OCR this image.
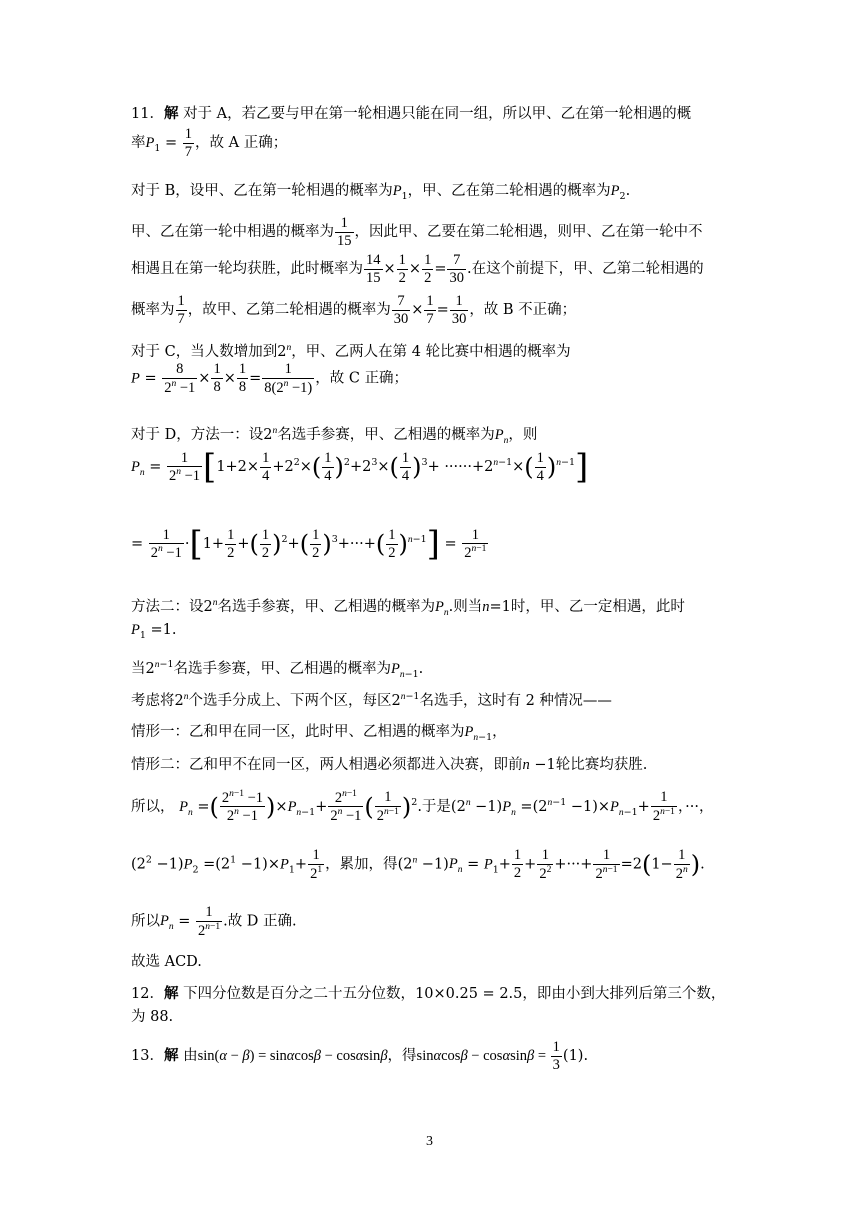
11．解 对于 A，若乙要与甲在第一轮相遇只能在同一组，所以甲、乙在第一轮相遇的概
率$P_1 = \frac{1}{7}$ ，故 A 正确；
对于 B，设甲、乙在第一轮相遇的概率为$P_1$，甲、乙在第二轮相遇的概率为$P_2$.
甲、乙在第一轮中相遇的概率为 $\frac{1}{15}$ ，因此甲、乙要在第二轮相遇，则甲、乙在第一轮中不
相遇且在第一轮均获胜，此时概率为 $\frac{14}{15} \times \frac{1}{2} \times \frac{1}{2} = \frac{7}{30}$ .在这个前提下，甲、乙第二轮相遇的
概率为 $\frac{1}{7}$ ，故甲、乙第二轮相遇的概率为 $\frac{7}{30} \times \frac{1}{7} = \frac{1}{30}$ ，故 B 不正确；
对于 C，当人数增加到2$^n$，甲、乙两人在第 4 轮比赛中相遇的概率为
$P = \frac{8}{2^n -1} \times \frac{1}{8} \times \frac{1}{8} = \frac{1}{8(2^n -1)}$ ，故 C 正确；
对于 D，方法一：设2$^n$名选手参赛，甲、乙相遇的概率为$P_n$，则
$P_n = \frac{1}{2^n -1} [1+2\times \frac{1}{4} +2^2\times( \frac{1}{4} )^2+2^3\times( \frac{1}{4} )^3+ \cdot\cdot\cdot\cdot\cdot\cdot+2^{n-1}\times( \frac{1}{4} )^{n-1}]$
= $\frac{1}{2^n -1} \cdot[1+ \frac{1}{2}$ +( $\frac{1}{2} )^2+( \frac{1}{2} )^3+\cdot\cdot\cdot+( \frac{1}{2} )^{n-1}] = \frac{1}{2^{n-1}}$
方法二：设2$^n$名选手参赛，甲、乙相遇的概率为$P_n$.则当n=1时，甲、乙一定相遇，此时
$P_1 =1$.
当$2^{n-1}$名选手参赛，甲、乙相遇的概率为$P_{n-1}$.
考虑将2$^n$个选手分成上、下两个区，每区$2^{n-1}$名选手，这时有 2 种情况——
情形一：乙和甲在同一区，此时甲、乙相遇的概率为$P_{n-1}$，
情形二：乙和甲不在同一区，两人相遇必须都进入决赛，即前n −1轮比赛均获胜.
所以， $P_n$ =( $\frac{2^{n-1} -1}{2^n -1} )\times P_{n-1}+ \frac{2^{n-1}}{2^n -1}$ ( $\frac{1}{2^{n-1}} )^2$.于是$(2^n -1)P_n =(2^{n-1} -1)\times P_{n-1}+ \frac{1}{2^{n-1}}$ ，···，
$(2^2 -1)P_2 =(2^1 -1)\times P_1+ \frac{1}{2^1}$ ，累加，得$(2^n -1)P_n = P_1+ \frac{1}{2} + \frac{1}{2^2}$ +···+ $\frac{1}{2^{n-1}} =2(1- \frac{1}{2^n}$ ).
所以$P_n = \frac{1}{2^{n-1}}$ .故 D 正确.
故选 ACD.
12．解 下四分位数是百分之二十五分位数，10×0.25 = 2.5，即由小到大排列后第三个数，
为 88.
13．解 由sin(α − β) = sinαcosβ − cosαsinβ，得$\sin\alpha\cos\beta - \cos\alpha\sin\beta = \frac{1}{3} (1)$.
3
